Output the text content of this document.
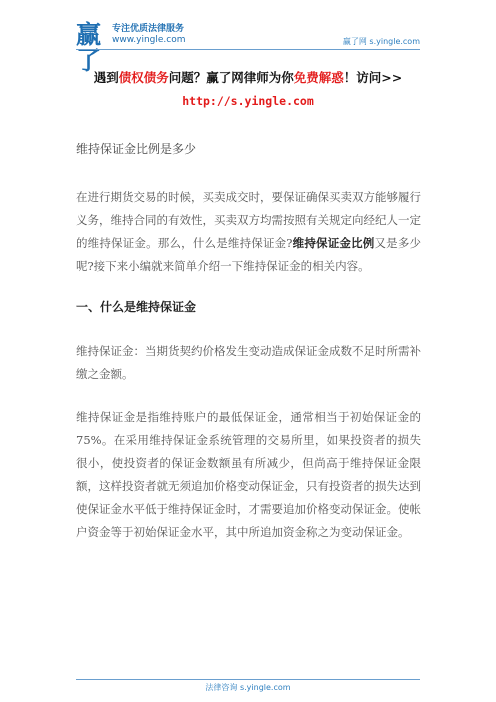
赢了
专注优质法律服务
www.yingle.com	赢了网 s.yingle.com
遇到债权债务问题？赢了网律师为你免费解惑！访问>>
http://s.yingle.com
维持保证金比例是多少

在进行期货交易的时候，买卖成交时，要保证确保买卖双方能够履行义务，维持合同的有效性，买卖双方均需按照有关规定向经纪人一定的维持保证金。那么，什么是维持保证金?维持保证金比例又是多少呢?接下来小编就来简单介绍一下维持保证金的相关内容。

一、什么是维持保证金

维持保证金：当期货契约价格发生变动造成保证金成数不足时所需补缴之金额。

维持保证金是指维持账户的最低保证金，通常相当于初始保证金的75%。在采用维持保证金系统管理的交易所里，如果投资者的损失很小，使投资者的保证金数额虽有所减少，但尚高于维持保证金限额，这样投资者就无须追加价格变动保证金，只有投资者的损失达到使保证金水平低于维持保证金时，才需要追加价格变动保证金。使帐户资金等于初始保证金水平，其中所追加资金称之为变动保证金。

法律咨询 s.yingle.com
